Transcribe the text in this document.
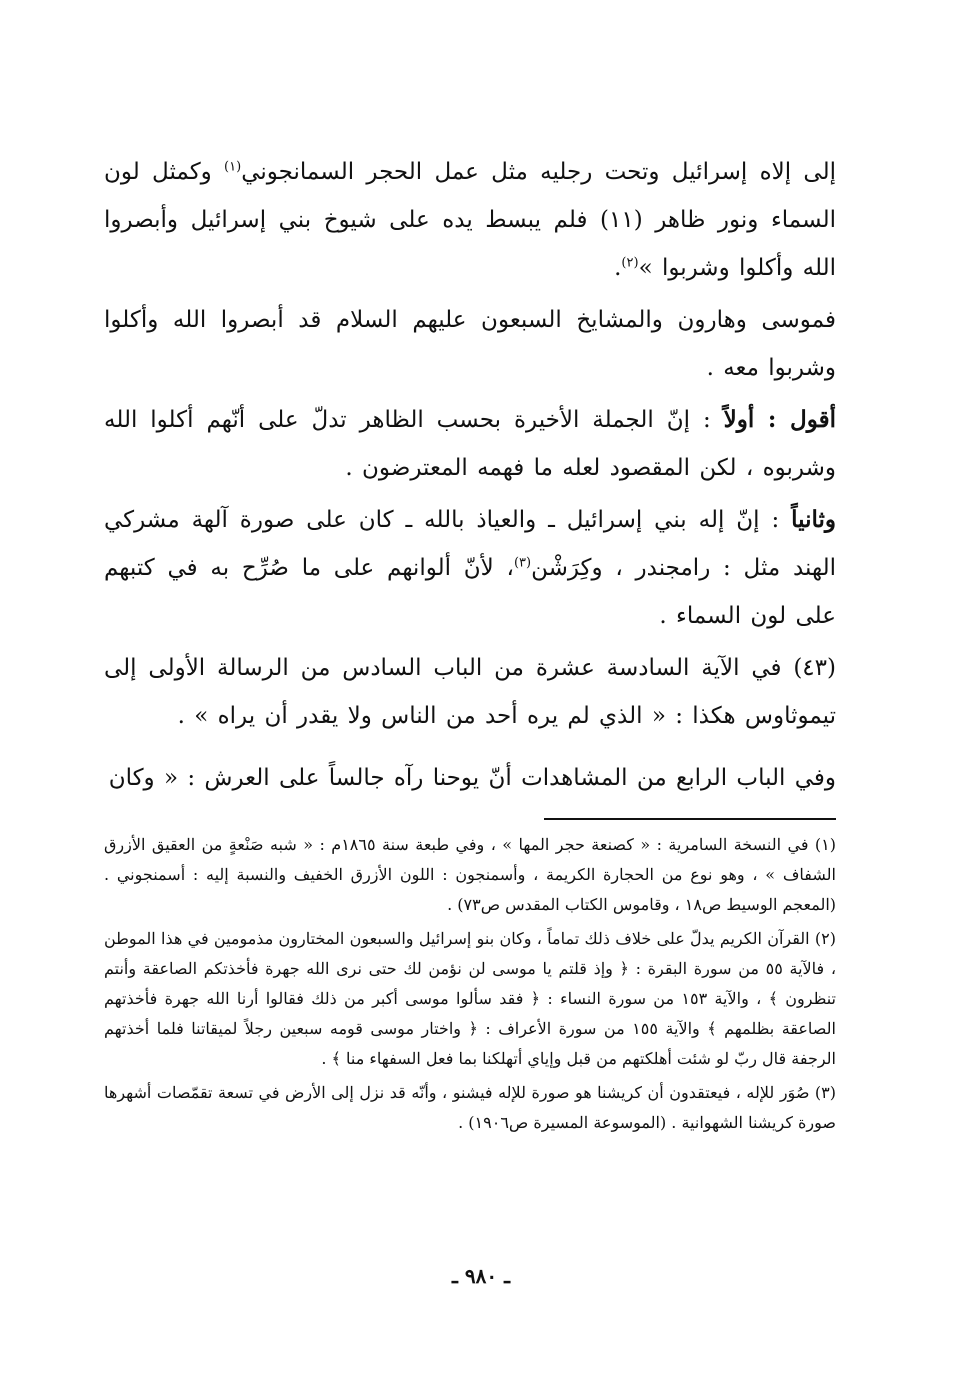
إلى إلاه إسرائيل وتحت رجليه مثل عمل الحجر السمانجوني$^{(١)}$ وكمثل لون السماء ونور ظاهر (١١) فلم يبسط يده على شيوخ بني إسرائيل وأبصروا الله وأكلوا وشربوا »$^{(٢)}$.

فموسى وهارون والمشايخ السبعون عليهم السلام قد أبصروا الله وأكلوا وشربوا معه .

أقول : أولاً : إنّ الجملة الأخيرة بحسب الظاهر تدلّ على أنّهم أكلوا الله وشربوه ، لكن المقصود لعله ما فهمه المعترضون .

وثانياً : إنّ إله بني إسرائيل ـ والعياذ بالله ـ كان على صورة آلهة مشركي الهند مثل : رامجندر ، وكِرَشْن$^{(٣)}$، لأنّ ألوانهم على ما صُرِّح به في كتبهم على لون السماء .

(٤٣) في الآية السادسة عشرة من الباب السادس من الرسالة الأولى إلى تيموثاوس هكذا : « الذي لم يره أحد من الناس ولا يقدر أن يراه » .

وفي الباب الرابع من المشاهدات أنّ يوحنا رآه جالساً على العرش : « وكان

(١) في النسخة السامرية : « كصنعة حجر المها » ، وفي طبعة سنة ١٨٦٥م : « شبه صَنْعةٍ من العقيق الأزرق الشفاف » ، وهو نوع من الحجارة الكريمة ، وأسمنجون : اللون الأزرق الخفيف والنسبة إليه : أسمنجوني .(المعجم الوسيط ص١٨ ، وقاموس الكتاب المقدس ص٧٣) .

(٢) القرآن الكريم يدلّ على خلاف ذلك تماماً ، وكان بنو إسرائيل والسبعون المختارون مذمومين في هذا الموطن ، فالآية ٥٥ من سورة البقرة : ﴿ وإذ قلتم يا موسى لن نؤمن لك حتى نرى الله جهرة فأخذتكم الصاعقة وأنتم تنظرون ﴾ ، والآية ١٥٣ من سورة النساء : ﴿ فقد سألوا موسى أكبر من ذلك فقالوا أرنا الله جهرة فأخذتهم الصاعقة بظلمهم ﴾ والآية ١٥٥ من سورة الأعراف : ﴿ واختار موسى قومه سبعين رجلاً لميقاتنا فلما أخذتهم الرجفة قال ربّ لو شئت أهلكتهم من قبل وإياي أتهلكنا بما فعل السفهاء منا ﴾ .

(٣) صُوَر للإله ، فيعتقدون أن كريشنا هو صورة للإله فيشنو ، وأنّه قد نزل إلى الأرض في تسعة تقمّصات أشهرها صورة كريشنا الشهوانية . (الموسوعة المسيرة ص١٩٠٦) .

ـ ٩٨٠ ـ
